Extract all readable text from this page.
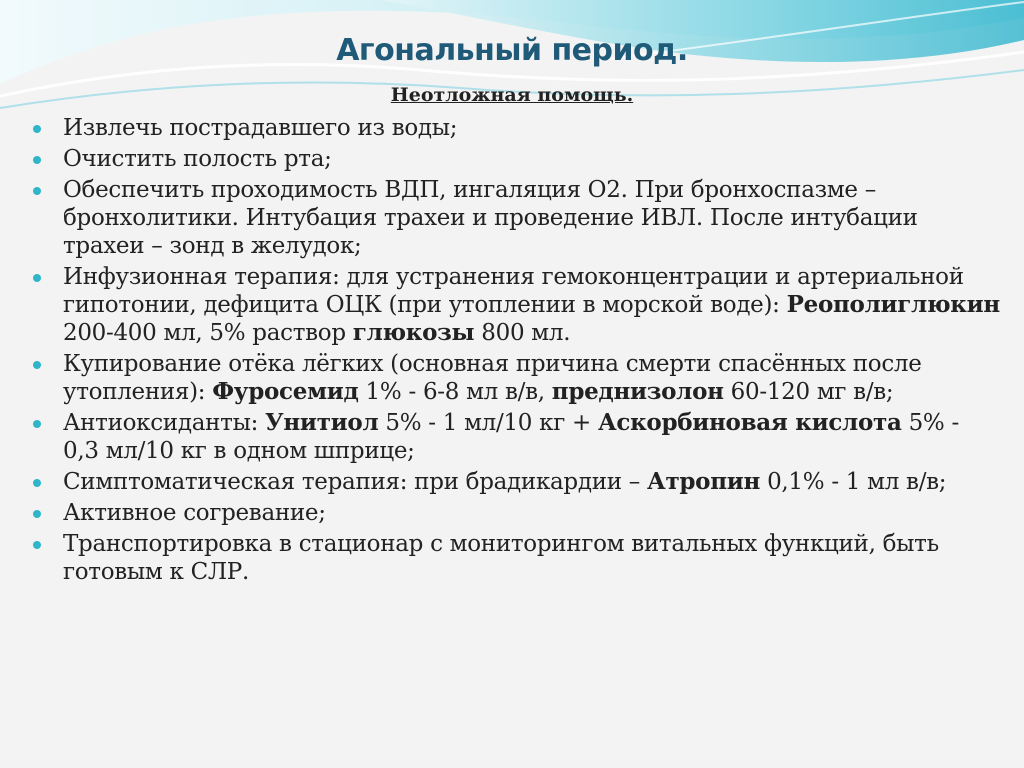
Агональный период.
Неотложная помощь.
Извлечь пострадавшего из воды;
Очистить полость рта;
Обеспечить проходимость ВДП, ингаляция О2. При бронхоспазме – бронхолитики. Интубация трахеи и проведение ИВЛ. После интубации трахеи – зонд в желудок;
Инфузионная терапия: для устранения гемоконцентрации и артериальной гипотонии, дефицита ОЦК (при утоплении в морской воде): Реополиглюкин 200-400 мл, 5% раствор глюкозы 800 мл.
Купирование отёка лёгких (основная причина смерти спасённых после утопления): Фуросемид 1% - 6-8 мл в/в, преднизолон 60-120 мг в/в;
Антиоксиданты: Унитиол 5% - 1 мл/10 кг + Аскорбиновая кислота 5% - 0,3 мл/10 кг в одном шприце;
Симптоматическая терапия: при брадикардии – Атропин 0,1% - 1 мл в/в;
Активное согревание;
Транспортировка в стационар с мониторингом витальных функций, быть готовым к СЛР.
